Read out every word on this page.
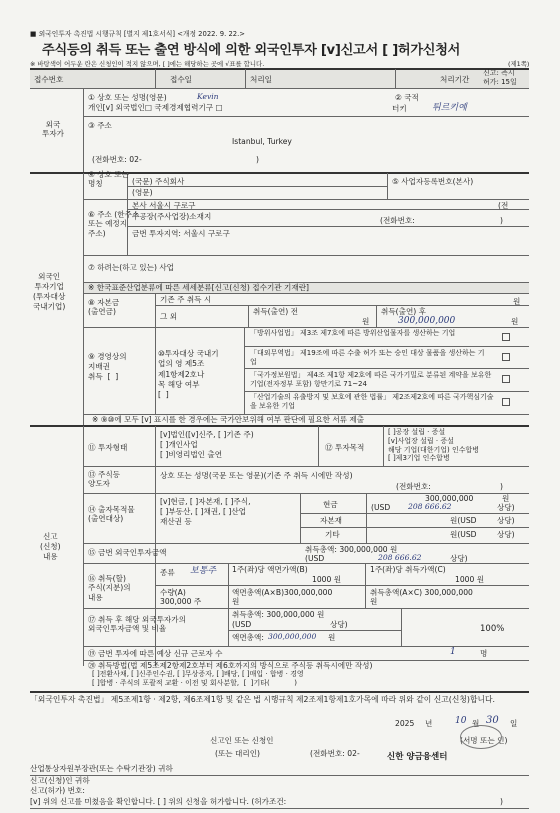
■ 외국인투자 촉진법 시행규칙 [별지 제1호서식] <개정 2022. 9. 22.>
주식등의 취득 또는 출연 방식에 의한 외국인투자 [v]신고서 [ ]허가신청서
※ 바탕색이 어두운 란은 신청인이 적지 않으며, [ ]에는 해당하는 곳에 √표를 합니다.	(제1쪽)
접수번호	접수일	처리일	처리기간
신고: 즉시
허가: 15일
외국
투자가
① 상호 또는 성명(영문)	Kevin
개인[v] 외국법인□ 국제경제협력기구 □
② 국적
터키	튀르키예
③ 주소
Istanbul, Turkey
(전화번호: 02-	)
외국인
투자기업
(투자대상
국내기업)
④ 상호 또는
명칭	(국문) 주식회사
(영문)
⑤ 사업자등록번호(본사)
⑥ 주소 (한주소
또는 예정지
주소)
본사 서울시 구로구	(전
주공장(주사업장)소재지	(전화번호:	)
금번 투자지역: 서울시 구로구
⑦ 하려는(하고 있는) 사업
※ 한국표준산업분류에 따른 세세분류[신고(신청) 접수기관 기재란]
⑧ 자본금
(출연금)
기존 주 취득 시	원
그 외
취득(출연) 전
원
취득(출연) 후
300,000,000	원
⑨ 경영상의
지배권
취득  [  ]
⑩투자대상 국내기
업의 영 제5조
제1항제2호나
목 해당 여부
[  ]
「방위사업법」 제3조 제7호에 따른 방위산업물자를 생산하는 기업
「대외무역법」 제19조에 따른 수출 허가 또는 승인 대상 물품을 생산하는 기업
「국가정보원법」 제4조 제1항 제2호에 따른 국가기밀로 분류된 계약을 보유한 기업(전자정부 포함) 항만기로 71~24
「산업기술의 유출방지 및 보호에 관한 법률」 제2조제2호에 따른 국가핵심기술을 보유한 기업
※ ⑨⑩에 모두 [v] 표시를 한 경우에는 국가안보위해 여부 판단에 필요한 서류 제출
신고
(신청)
내용
⑪ 투자형태
[v]법인([v]신주, [ ]기존 주)
[ ]개인사업
[ ]비영리법인 출연
⑫ 투자목적
[ ]공장 설립 · 증설
[v]사업장 설립 · 증설
해당 기업(대한기업) 인수합병
[ ]제3기업 인수합병
⑬ 주식등
양도자
상호 또는 성명(국문 또는 영문)(기존 주 취득 시에만 작성)
(전화번호:	)
⑭ 출자목적물
(출연대상)
[v]현금, [ ]자본재, [ ]주식,
[ ]부동산, [ ]채권, [ ]산업
재산권 등
현금
300,000,000	원
(USD 208 666.62	상당)
자본재	원(USD	상당)
기타	원(USD	상당)
⑮ 금번 외국인투자금액	취득총액: 300,000,000 원
(USD	208 666.62	상당)
⑯ 취득(할)
주식(지분)의
내용
종류 보통주 1주(좌)당 액면가액(B)
1000 원
1주(좌)당 취득가액(C)
1000 원
수량(A)
300,000 주
액면총액(A×B)300,000,000
원
취득총액(A×C) 300,000,000
원
⑰ 취득 후 해당 외국투자가의
외국인투자금액 및 비율
취득총액: 300,000,000 원
(USD	상당)
액면총액: 300,000,000 원
100%
⑲ 금번 투자에 따른 예상 신규 근로자 수	1	명
⑳ 취득방법(법 제5조제2항제2호부터 제6호까지의 방식으로 주식등 취득시에만 작성)
[ ]전환사채, [ ]신주인수권, [ ]무상증자, [ ]배당, [ ]매입 · 합병 · 경영
[ ]합병 · 주식의 포괄적 교환 · 이전 및 회사분할,  [  ]기타(           )
「외국인투자 촉진법」 제5조제1항 · 제2항, 제6조제1항 및 같은 법 시행규칙 제2조제1항제1호가목에 따라 위와 같이 신고(신청)합니다.
2025 년	10 월 30 일
신고인 또는 신청인	(서명 또는 인)
(또는 대리인)	(전화번호: 02-
산업통상자원부장관(또는 수탁기관장) 귀하
신한 양금융센터
신고(신청)인 귀하
신고(허가) 번호:
[v] 위의 신고를 미쳤음을 확인합니다. [ ] 위의 신청을 허가합니다. (허가조건:	)
